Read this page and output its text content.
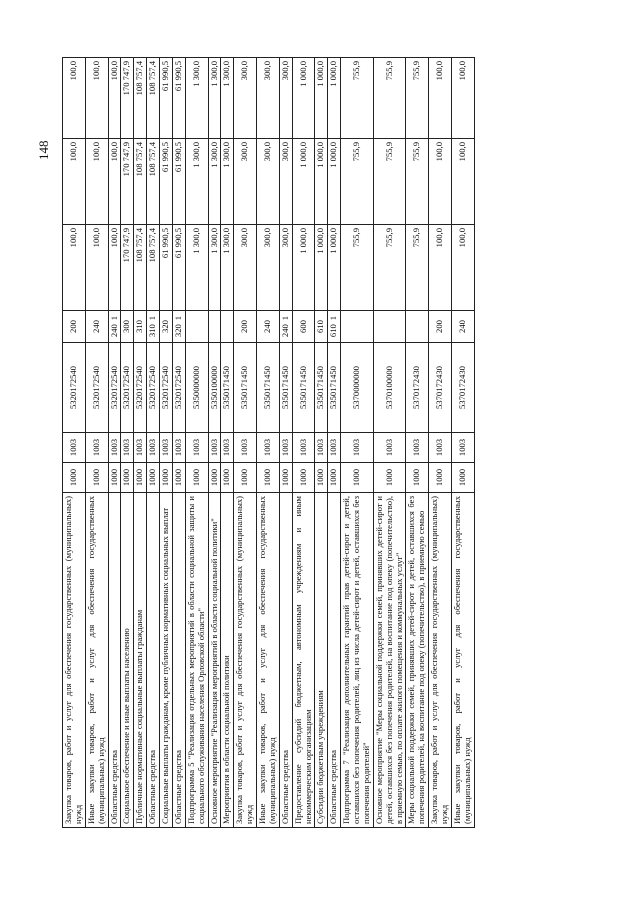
148
Закупка товаров, работ и услуг для обеспечения государственных (муниципальных) нужд	1000	1003	5320172540	200	100,0	100,0	100,0
Иные закупки товаров, работ и услуг для обеспечения государственных (муниципальных) нужд	1000	1003	5320172540	240	100,0	100,0	100,0
Областные средства	1000	1003	5320172540	2401	100,0	100,0	100,0
Социальное обеспечение и иные выплаты населению	1000	1003	5320172540	300	170 747,9	170 747,9	170 747,9
Публичные нормативные социальные выплаты гражданам	1000	1003	5320172540	310	108 757,4	108 757,4	108 757,4
Областные средства	1000	1003	5320172540	3101	108 757,4	108 757,4	108 757,4
Социальные выплаты гражданам, кроме публичных нормативных социальных выплат	1000	1003	5320172540	320	61 990,5	61 990,5	61 990,5
Областные средства	1000	1003	5320172540	3201	61 990,5	61 990,5	61 990,5
Подпрограмма 5 "Реализация отдельных мероприятий в области социальной защиты и социального обслуживания населения Орловской области"	1000	1003	5350000000		1 300,0	1 300,0	1 300,0
Основное мероприятие "Реализация мероприятий в области социальной политики"	1000	1003	5350100000		1 300,0	1 300,0	1 300,0
Мероприятия в области социальной политики	1000	1003	5350171450		1 300,0	1 300,0	1 300,0
Закупка товаров, работ и услуг для обеспечения государственных (муниципальных) нужд	1000	1003	5350171450	200	300,0	300,0	300,0
Иные закупки товаров, работ и услуг для обеспечения государственных (муниципальных) нужд	1000	1003	5350171450	240	300,0	300,0	300,0
Областные средства	1000	1003	5350171450	2401	300,0	300,0	300,0
Предоставление субсидий бюджетным, автономным учреждениям и иным некоммерческим организациям	1000	1003	5350171450	600	1 000,0	1 000,0	1 000,0
Субсидии бюджетным учреждениям	1000	1003	5350171450	610	1 000,0	1 000,0	1 000,0
Областные средства	1000	1003	5350171450	6101	1 000,0	1 000,0	1 000,0
Подпрограмма 7 "Реализация дополнительных гарантий прав детей-сирот и детей, оставшихся без попечения родителей, лиц из числа детей-сирот и детей, оставшихся без попечения родителей"	1000	1003	5370000000		755,9	755,9	755,9
Основное мероприятие "Меры социальной поддержки семей, принявших детей-сирот и детей, оставшихся без попечения родителей, на воспитание под опеку (попечительство), в приемную семью, по оплате жилого помещения и коммунальных услуг"	1000	1003	5370100000		755,9	755,9	755,9
Меры социальной поддержки семей, принявших детей-сирот и детей, оставшихся без попечения родителей, на воспитание под опеку (попечительство), в приемную семью	1000	1003	5370172430		755,9	755,9	755,9
Закупка товаров, работ и услуг для обеспечения государственных (муниципальных) нужд	1000	1003	5370172430	200	100,0	100,0	100,0
Иные закупки товаров, работ и услуг для обеспечения государственных (муниципальных) нужд	1000	1003	5370172430	240	100,0	100,0	100,0
